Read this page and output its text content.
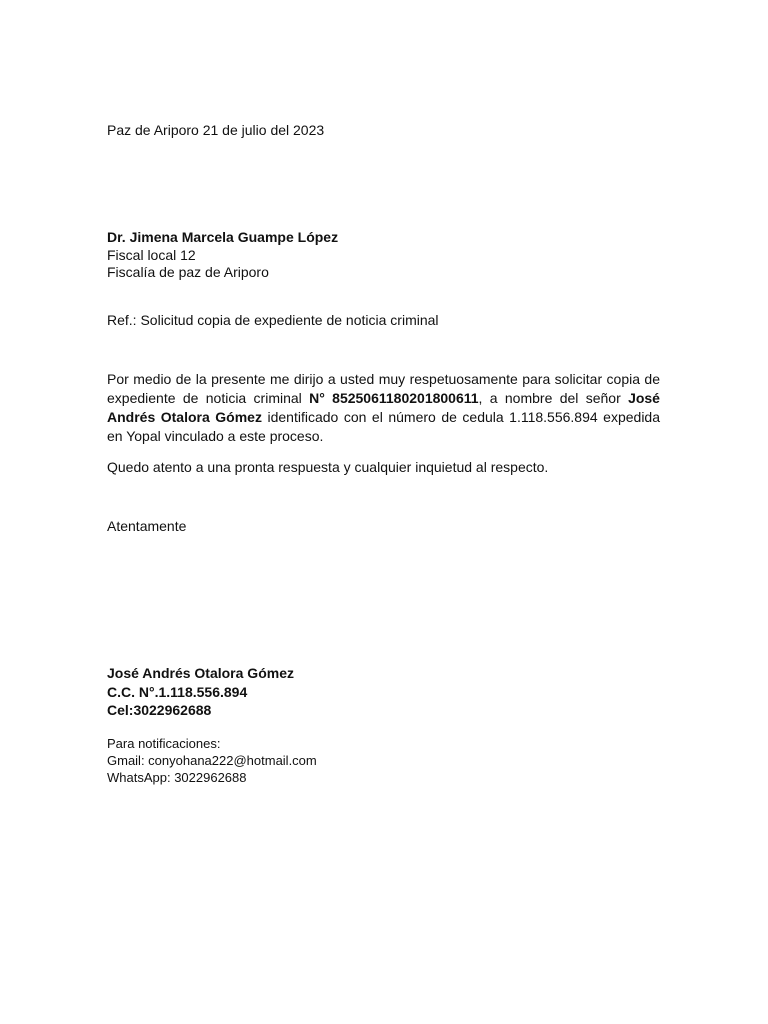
Paz de Ariporo 21 de julio del 2023
Dr. Jimena Marcela Guampe López
Fiscal local 12
Fiscalía de paz de Ariporo
Ref.: Solicitud copia de expediente de noticia criminal
Por medio de la presente me dirijo a usted muy respetuosamente para solicitar copia de expediente de noticia criminal N° 8525061180201800611, a nombre del señor José Andrés Otalora Gómez identificado con el número de cedula 1.118.556.894 expedida en Yopal vinculado a este proceso.
Quedo atento a una pronta respuesta y cualquier inquietud al respecto.
Atentamente
José Andrés Otalora Gómez
C.C. N°.1.118.556.894
Cel:3022962688
Para notificaciones:
Gmail: conyohana222@hotmail.com
WhatsApp: 3022962688
